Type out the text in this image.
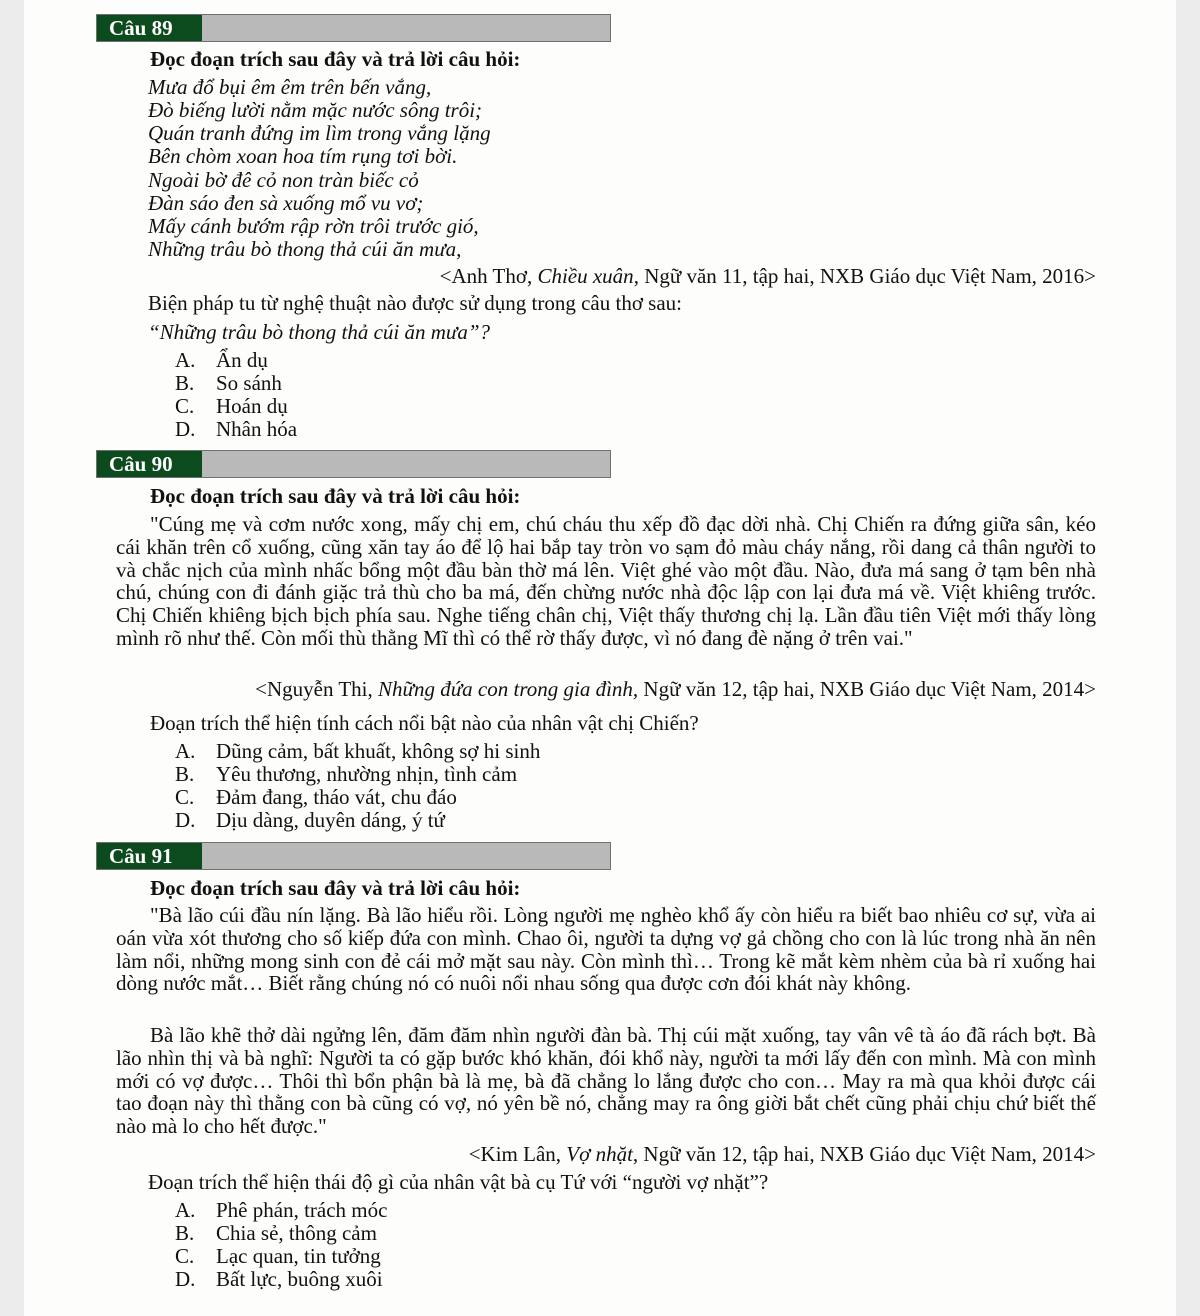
Câu 89
Đọc đoạn trích sau đây và trả lời câu hỏi:
Mưa đổ bụi êm êm trên bến vắng,
Đò biếng lười nằm mặc nước sông trôi;
Quán tranh đứng im lìm trong vắng lặng
Bên chòm xoan hoa tím rụng tơi bời.
Ngoài bờ đê cỏ non tràn biếc cỏ
Đàn sáo đen sà xuống mổ vu vơ;
Mấy cánh bướm rập rờn trôi trước gió,
Những trâu bò thong thả cúi ăn mưa,
<Anh Thơ, Chiều xuân, Ngữ văn 11, tập hai, NXB Giáo dục Việt Nam, 2016>
Biện pháp tu từ nghệ thuật nào được sử dụng trong câu thơ sau:
“Những trâu bò thong thả cúi ăn mưa”?
A. Ẩn dụ
B. So sánh
C. Hoán dụ
D. Nhân hóa
Câu 90
Đọc đoạn trích sau đây và trả lời câu hỏi:
"Cúng mẹ và cơm nước xong, mấy chị em, chú cháu thu xếp đồ đạc dời nhà. Chị Chiến ra đứng giữa sân, kéo cái khăn trên cổ xuống, cũng xăn tay áo để lộ hai bắp tay tròn vo sạm đỏ màu cháy nắng, rồi dang cả thân người to và chắc nịch của mình nhấc bổng một đầu bàn thờ má lên. Việt ghé vào một đầu. Nào, đưa má sang ở tạm bên nhà chú, chúng con đi đánh giặc trả thù cho ba má, đến chừng nước nhà độc lập con lại đưa má về. Việt khiêng trước. Chị Chiến khiêng bịch bịch phía sau. Nghe tiếng chân chị, Việt thấy thương chị lạ. Lần đầu tiên Việt mới thấy lòng mình rõ như thế. Còn mối thù thằng Mĩ thì có thể rờ thấy được, vì nó đang đè nặng ở trên vai."
<Nguyễn Thi, Những đứa con trong gia đình, Ngữ văn 12, tập hai, NXB Giáo dục Việt Nam, 2014>
Đoạn trích thể hiện tính cách nổi bật nào của nhân vật chị Chiến?
A. Dũng cảm, bất khuất, không sợ hi sinh
B. Yêu thương, nhường nhịn, tình cảm
C. Đảm đang, tháo vát, chu đáo
D. Dịu dàng, duyên dáng, ý tứ
Câu 91
Đọc đoạn trích sau đây và trả lời câu hỏi:
"Bà lão cúi đầu nín lặng. Bà lão hiểu rồi. Lòng người mẹ nghèo khổ ấy còn hiểu ra biết bao nhiêu cơ sự, vừa ai oán vừa xót thương cho số kiếp đứa con mình. Chao ôi, người ta dựng vợ gả chồng cho con là lúc trong nhà ăn nên làm nổi, những mong sinh con đẻ cái mở mặt sau này. Còn mình thì… Trong kẽ mắt kèm nhèm của bà rỉ xuống hai dòng nước mắt… Biết rằng chúng nó có nuôi nổi nhau sống qua được cơn đói khát này không.
Bà lão khẽ thở dài ngửng lên, đăm đăm nhìn người đàn bà. Thị cúi mặt xuống, tay vân vê tà áo đã rách bợt. Bà lão nhìn thị và bà nghĩ: Người ta có gặp bước khó khăn, đói khổ này, người ta mới lấy đến con mình. Mà con mình mới có vợ được… Thôi thì bổn phận bà là mẹ, bà đã chẳng lo lắng được cho con… May ra mà qua khỏi được cái tao đoạn này thì thằng con bà cũng có vợ, nó yên bề nó, chẳng may ra ông giời bắt chết cũng phải chịu chứ biết thế nào mà lo cho hết được."
<Kim Lân, Vợ nhặt, Ngữ văn 12, tập hai, NXB Giáo dục Việt Nam, 2014>
Đoạn trích thể hiện thái độ gì của nhân vật bà cụ Tứ với “người vợ nhặt”?
A. Phê phán, trách móc
B. Chia sẻ, thông cảm
C. Lạc quan, tin tưởng
D. Bất lực, buông xuôi
